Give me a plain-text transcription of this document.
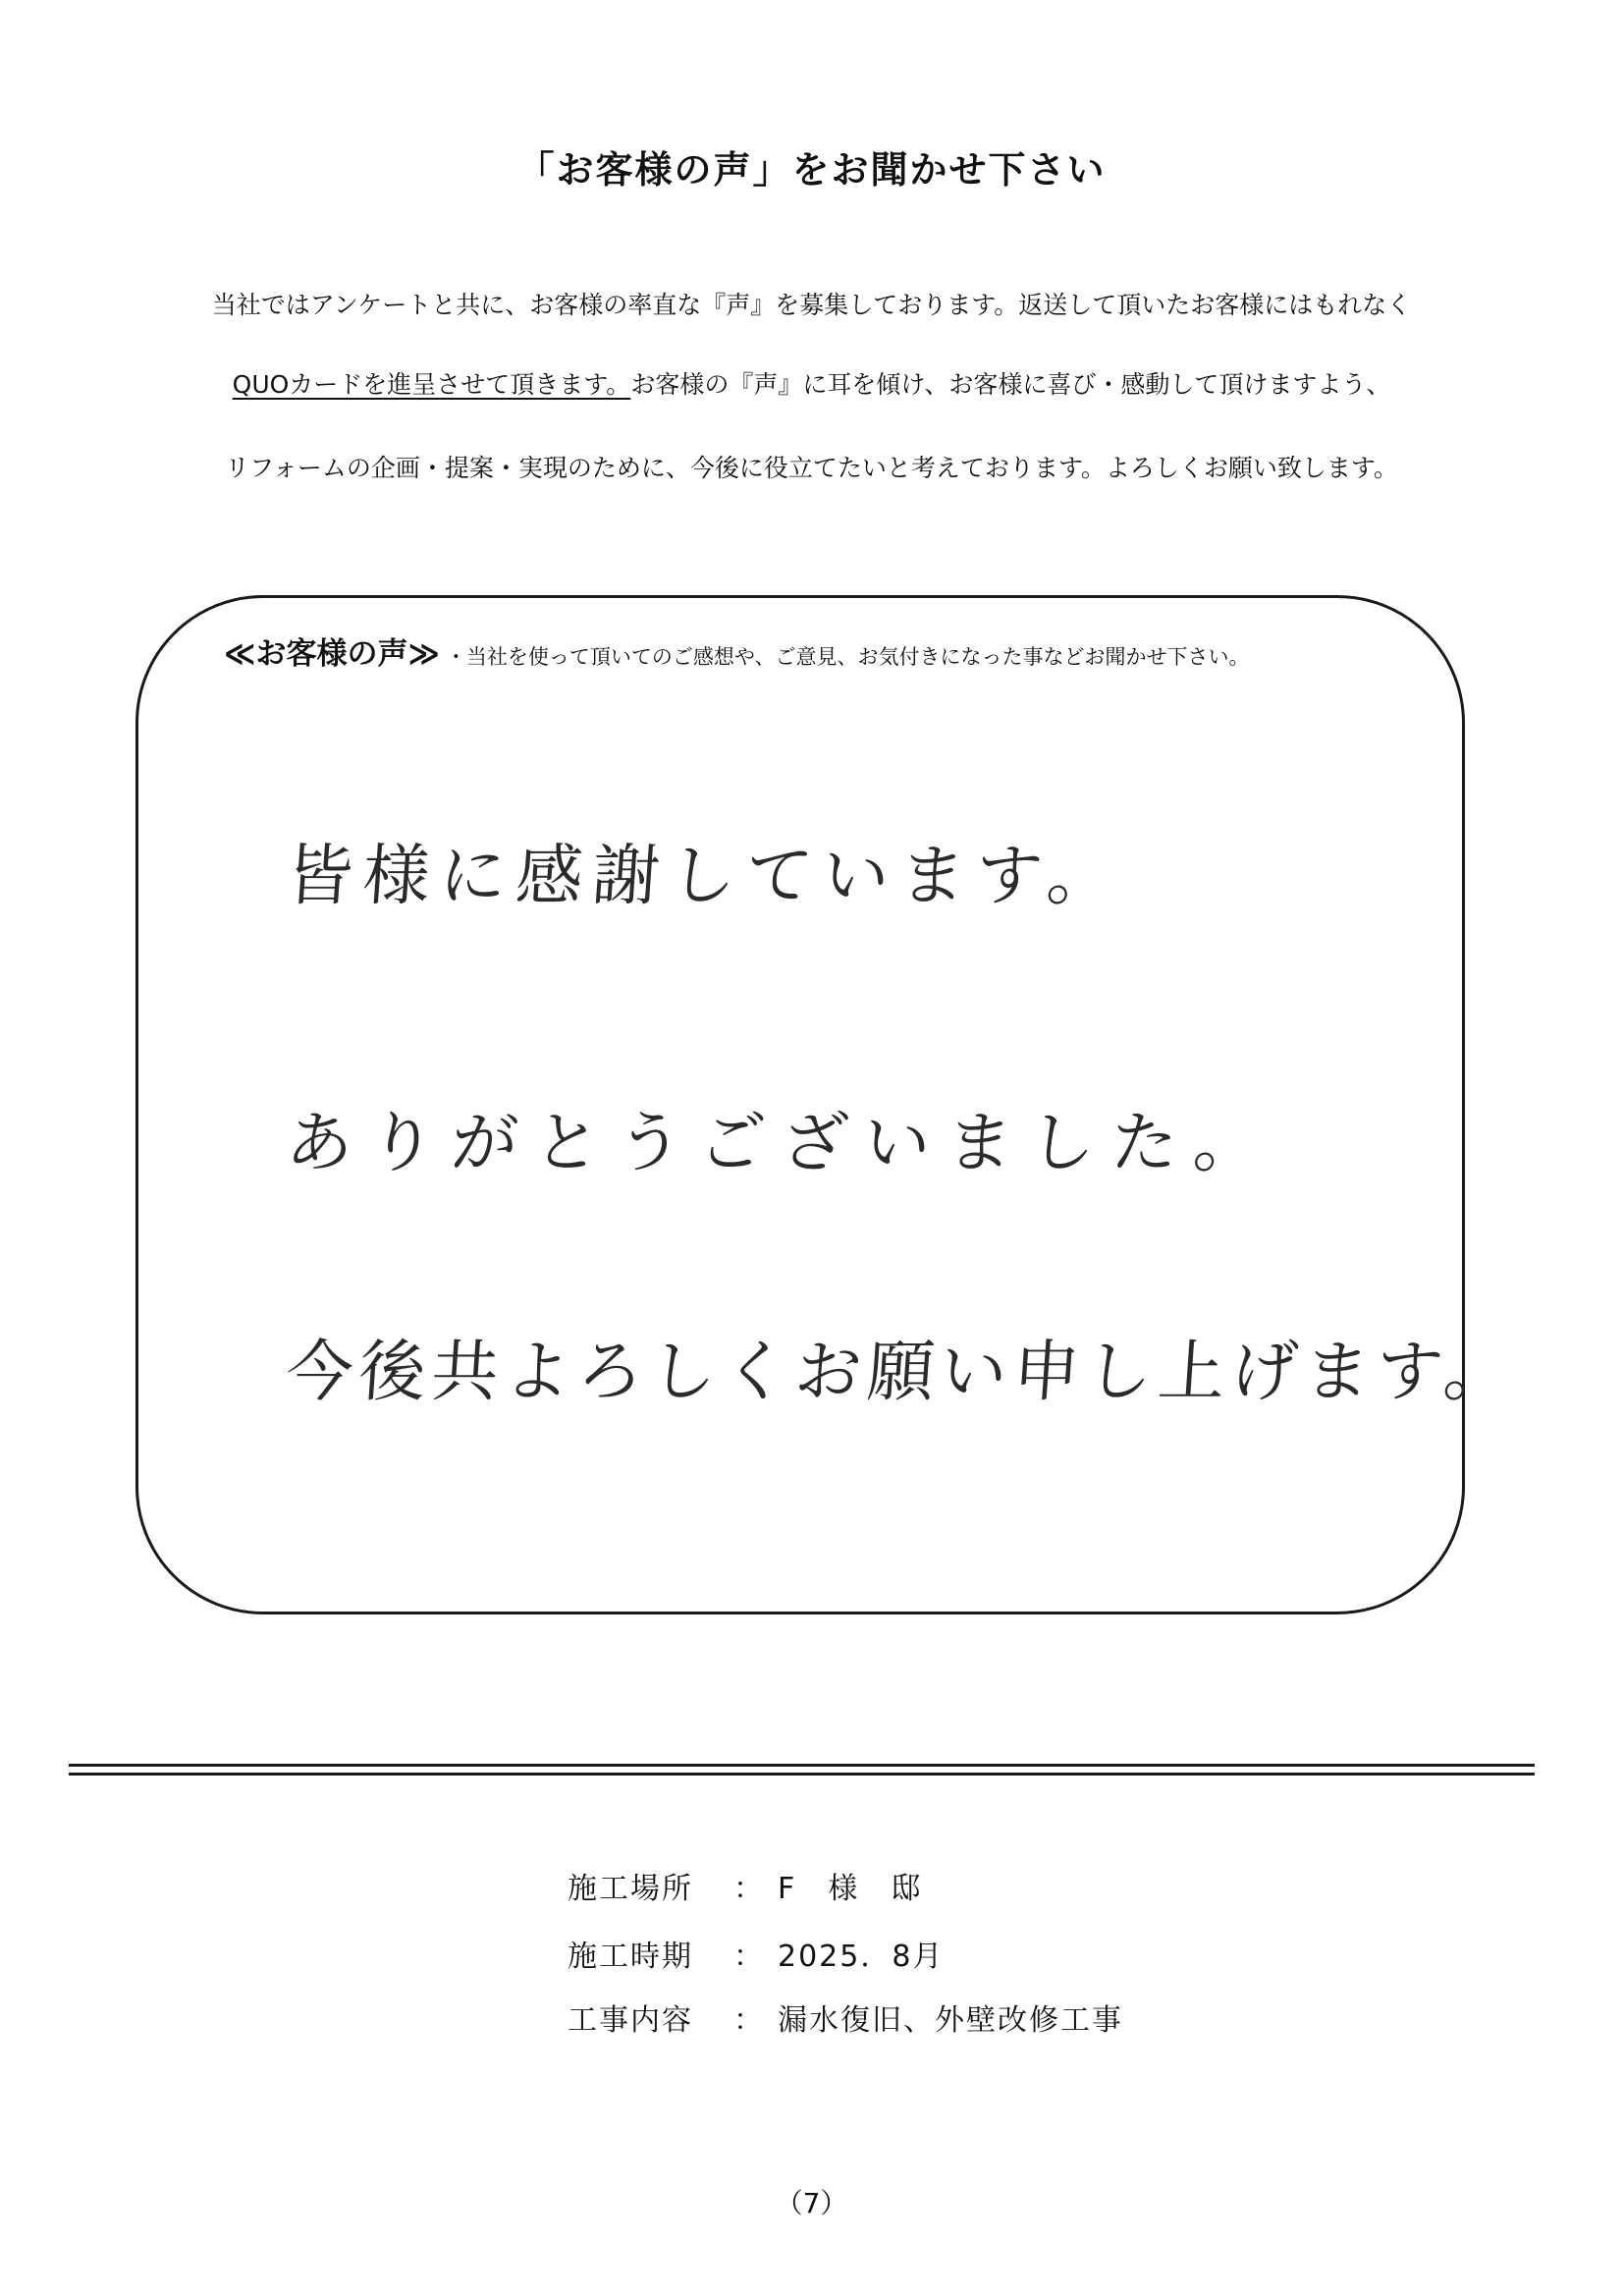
「お客様の声」をお聞かせ下さい
当社ではアンケートと共に、お客様の率直な『声』を募集しております。返送して頂いたお客様にはもれなく
QUOカードを進呈させて頂きます。お客様の『声』に耳を傾け、お客様に喜び・感動して頂けますよう、
リフォームの企画・提案・実現のために、今後に役立てたいと考えております。よろしくお願い致します。
≪お客様の声≫ ・当社を使って頂いてのご感想や、ご意見、お気付きになった事などお聞かせ下さい。
皆様に感謝しています。
ありがとうございました。
今後共よろしくお願い申し上げます。
施工場所	： F　様　邸
施工時期	： 2025．8月
工事内容	： 漏水復旧、外壁改修工事
（7）
